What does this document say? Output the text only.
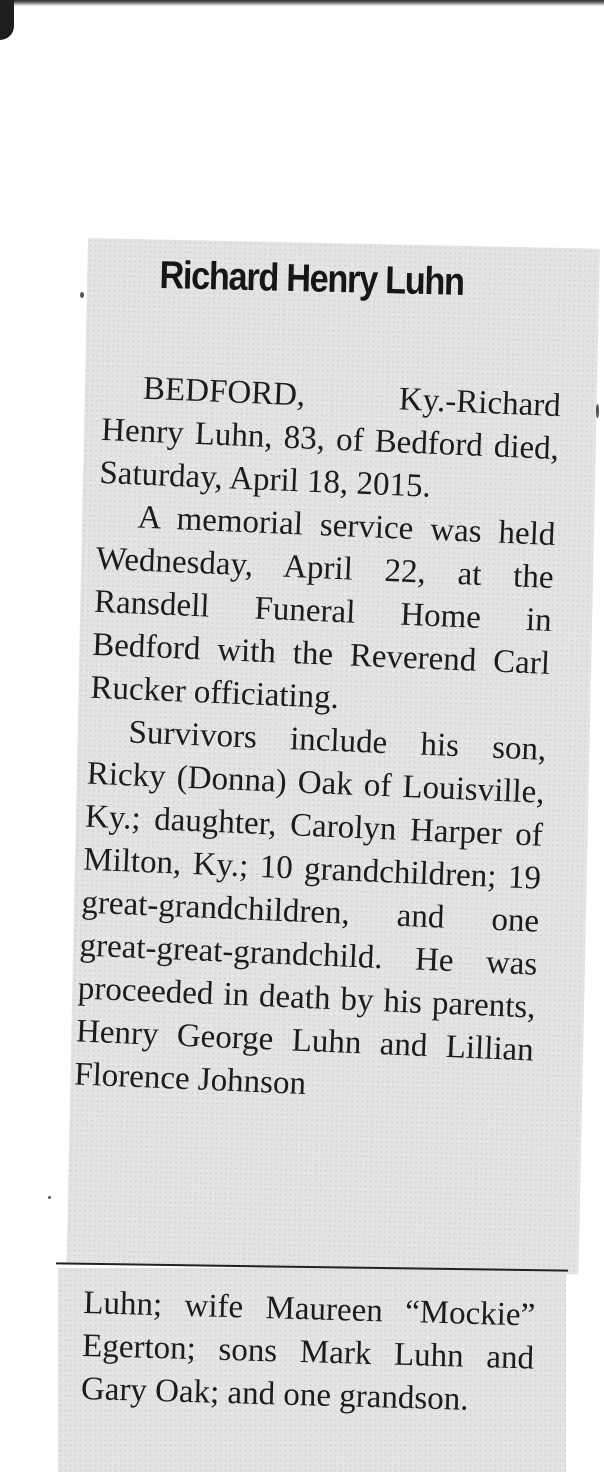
Richard Henry Luhn

BEDFORD, Ky.-Richard Henry Luhn, 83, of Bedford died, Saturday, April 18, 2015.

A memorial service was held Wednesday, April 22, at the Ransdell Funeral Home in Bedford with the Reverend Carl Rucker officiating.

Survivors include his son, Ricky (Donna) Oak of Louisville, Ky.; daughter, Carolyn Harper of Milton, Ky.; 10 grandchildren; 19 great-grandchildren, and one great-great-grandchild. He was proceeded in death by his parents, Henry George Luhn and Lillian Florence Johnson

Luhn; wife Maureen “Mockie” Egerton; sons Mark Luhn and Gary Oak; and one grandson.
